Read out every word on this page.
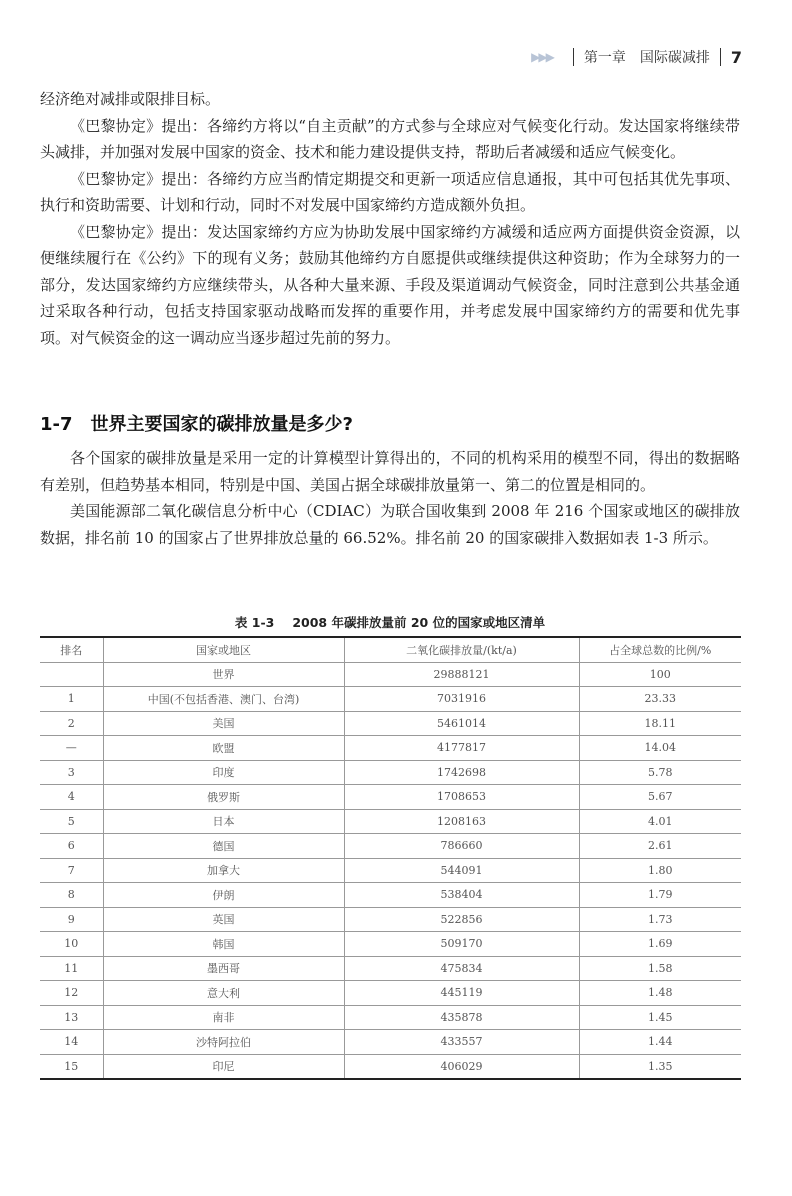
▶▶▶ 第一章 国际碳减排 7

经济绝对减排或限排目标。

《巴黎协定》提出：各缔约方将以“自主贡献”的方式参与全球应对气候变化行动。发达国家将继续带头减排，并加强对发展中国家的资金、技术和能力建设提供支持，帮助后者减缓和适应气候变化。

《巴黎协定》提出：各缔约方应当酌情定期提交和更新一项适应信息通报，其中可包括其优先事项、执行和资助需要、计划和行动，同时不对发展中国家缔约方造成额外负担。

《巴黎协定》提出：发达国家缔约方应为协助发展中国家缔约方减缓和适应两方面提供资金资源，以便继续履行在《公约》下的现有义务；鼓励其他缔约方自愿提供或继续提供这种资助；作为全球努力的一部分，发达国家缔约方应继续带头，从各种大量来源、手段及渠道调动气候资金，同时注意到公共基金通过采取各种行动，包括支持国家驱动战略而发挥的重要作用，并考虑发展中国家缔约方的需要和优先事项。对气候资金的这一调动应当逐步超过先前的努力。

1-7 世界主要国家的碳排放量是多少?

各个国家的碳排放量是采用一定的计算模型计算得出的，不同的机构采用的模型不同，得出的数据略有差别，但趋势基本相同，特别是中国、美国占据全球碳排放量第一、第二的位置是相同的。

美国能源部二氧化碳信息分析中心（CDIAC）为联合国收集到 2008 年 216 个国家或地区的碳排放数据，排名前 10 的国家占了世界排放总量的 66.52%。排名前 20 的国家碳排入数据如表 1-3 所示。

表 1-3 2008 年碳排放量前 20 位的国家或地区清单
排名	国家或地区	二氧化碳排放量/(kt/a)	占全球总数的比例/%
	世界	29888121	100
1	中国(不包括香港、澳门、台湾)	7031916	23.33
2	美国	5461014	18.11
—	欧盟	4177817	14.04
3	印度	1742698	5.78
4	俄罗斯	1708653	5.67
5	日本	1208163	4.01
6	德国	786660	2.61
7	加拿大	544091	1.80
8	伊朗	538404	1.79
9	英国	522856	1.73
10	韩国	509170	1.69
11	墨西哥	475834	1.58
12	意大利	445119	1.48
13	南非	435878	1.45
14	沙特阿拉伯	433557	1.44
15	印尼	406029	1.35
